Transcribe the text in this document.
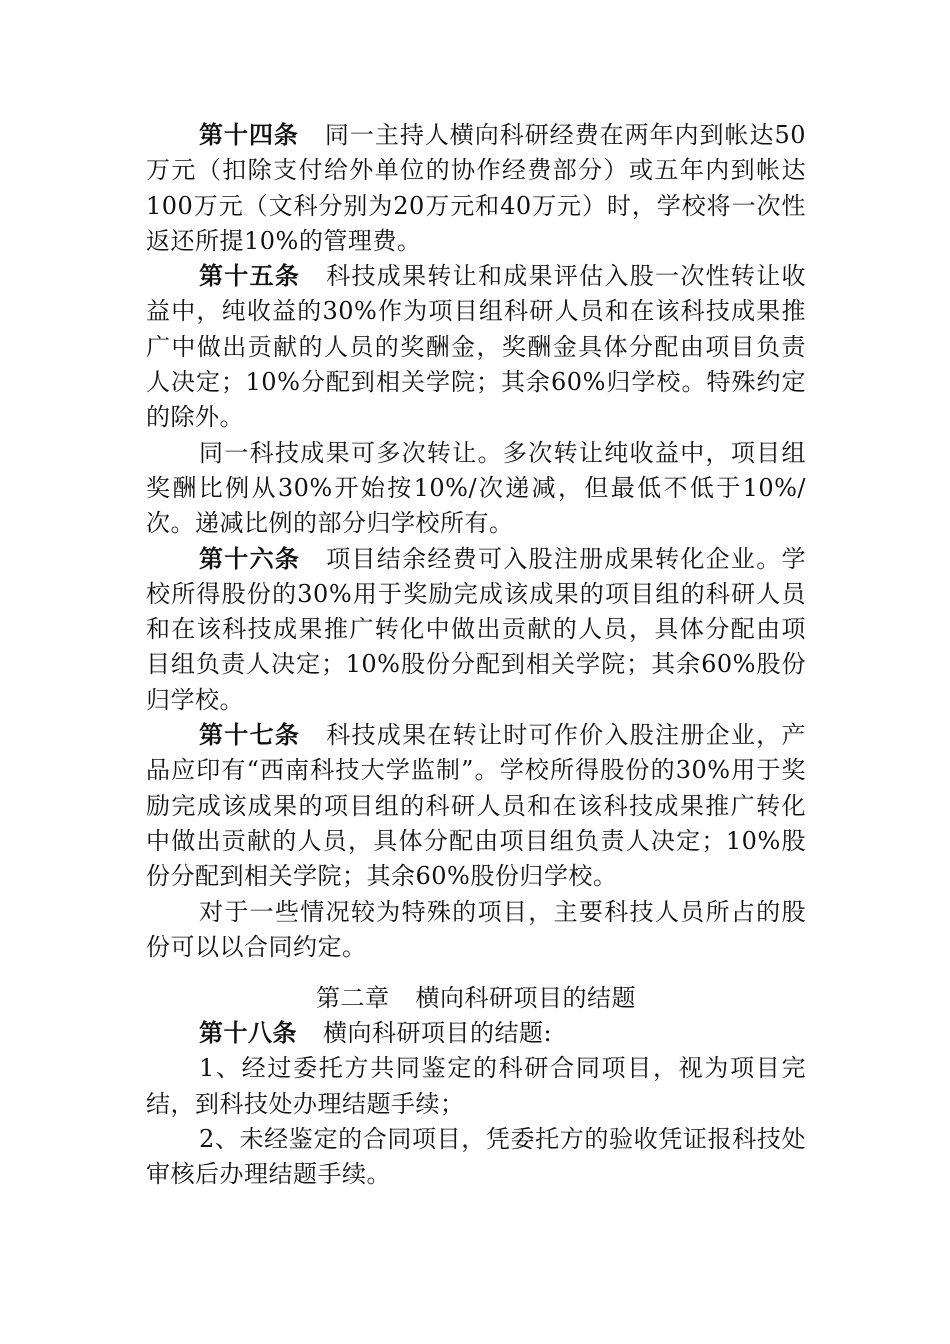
第十四条 同一主持人横向科研经费在两年内到帐达50万元（扣除支付给外单位的协作经费部分）或五年内到帐达100万元（文科分别为20万元和40万元）时，学校将一次性返还所提10%的管理费。

第十五条 科技成果转让和成果评估入股一次性转让收益中，纯收益的30%作为项目组科研人员和在该科技成果推广中做出贡献的人员的奖酬金，奖酬金具体分配由项目负责人决定；10%分配到相关学院；其余60%归学校。特殊约定的除外。

同一科技成果可多次转让。多次转让纯收益中，项目组奖酬比例从30%开始按10%/次递减，但最低不低于10%/次。递减比例的部分归学校所有。

第十六条 项目结余经费可入股注册成果转化企业。学校所得股份的30%用于奖励完成该成果的项目组的科研人员和在该科技成果推广转化中做出贡献的人员，具体分配由项目组负责人决定；10%股份分配到相关学院；其余60%股份归学校。

第十七条 科技成果在转让时可作价入股注册企业，产品应印有“西南科技大学监制”。学校所得股份的30%用于奖励完成该成果的项目组的科研人员和在该科技成果推广转化中做出贡献的人员，具体分配由项目组负责人决定；10%股份分配到相关学院；其余60%股份归学校。

对于一些情况较为特殊的项目，主要科技人员所占的股份可以以合同约定。

第二章 横向科研项目的结题

第十八条 横向科研项目的结题:

1、经过委托方共同鉴定的科研合同项目，视为项目完结，到科技处办理结题手续；

2、未经鉴定的合同项目，凭委托方的验收凭证报科技处审核后办理结题手续。
